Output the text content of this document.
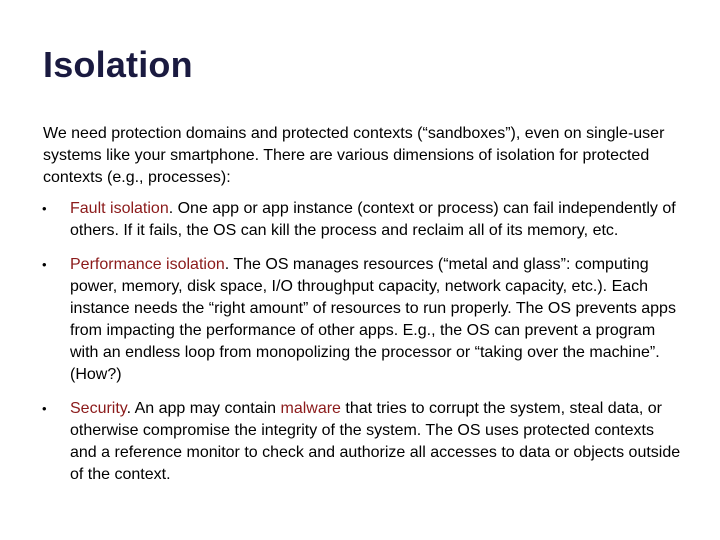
Isolation

We need protection domains and protected contexts (“sandboxes”), even on single-user systems like your smartphone. There are various dimensions of isolation for protected contexts (e.g., processes):

• Fault isolation. One app or app instance (context or process) can fail independently of others. If it fails, the OS can kill the process and reclaim all of its memory, etc.
• Performance isolation. The OS manages resources (“metal and glass”: computing power, memory, disk space, I/O throughput capacity, network capacity, etc.). Each instance needs the “right amount” of resources to run properly. The OS prevents apps from impacting the performance of other apps. E.g., the OS can prevent a program with an endless loop from monopolizing the processor or “taking over the machine”. (How?)
• Security. An app may contain malware that tries to corrupt the system, steal data, or otherwise compromise the integrity of the system. The OS uses protected contexts and a reference monitor to check and authorize all accesses to data or objects outside of the context.
